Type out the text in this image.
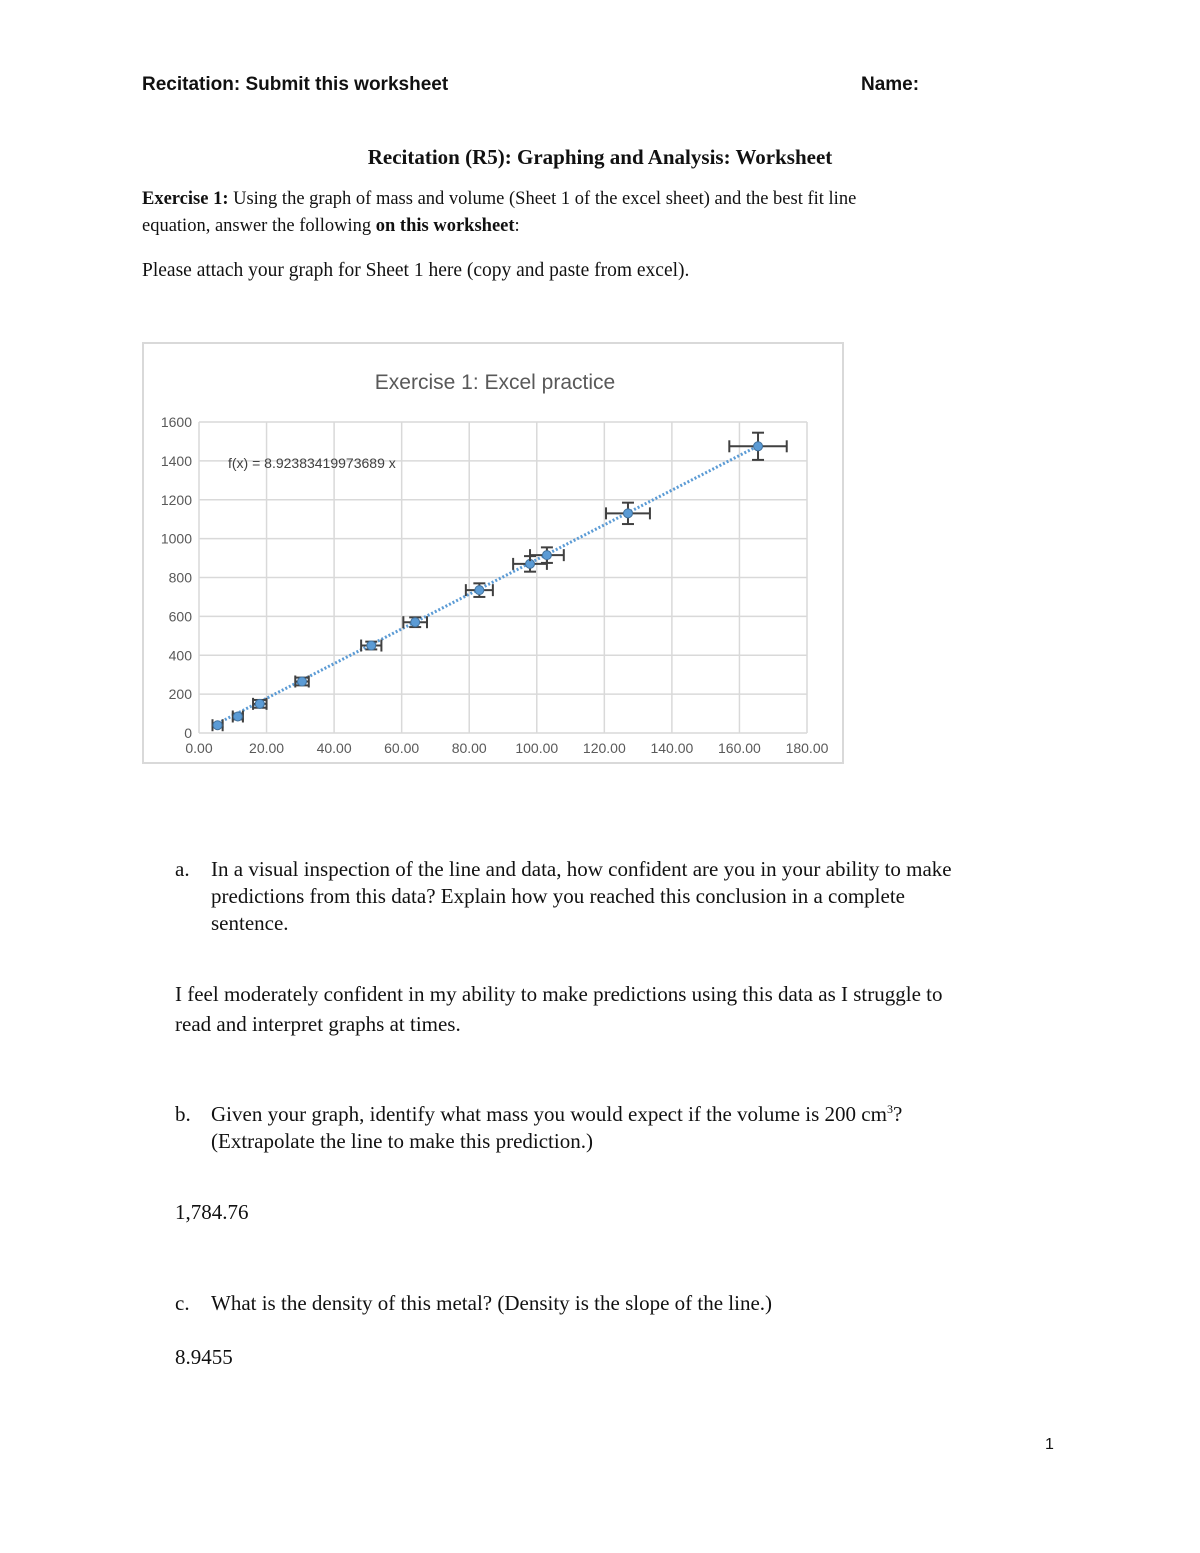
Recitation: Submit this worksheet	Name:
Recitation (R5): Graphing and Analysis: Worksheet
Exercise 1: Using the graph of mass and volume (Sheet 1 of the excel sheet) and the best fit line
equation, answer the following on this worksheet:
Please attach your graph for Sheet 1 here (copy and paste from excel).
Exercise 1: Excel practice
0.00	20.00 40.00 60.00 80.00 100.00 120.00 140.00 160.00 180.00
0
200
400
600
800
1000
1200
1400
1600
f(x) = 8.92383419973689 x
a. In a visual inspection of the line and data, how confident are you in your ability to make
predictions from this data? Explain how you reached this conclusion in a complete
sentence.
I feel moderately confident in my ability to make predictions using this data as I struggle to
read and interpret graphs at times.
b. Given your graph, identify what mass you would expect if the volume is 200 $cm^3$?
(Extrapolate the line to make this prediction.)
1,784.76
c. What is the density of this metal? (Density is the slope of the line.)
8.9455
1
